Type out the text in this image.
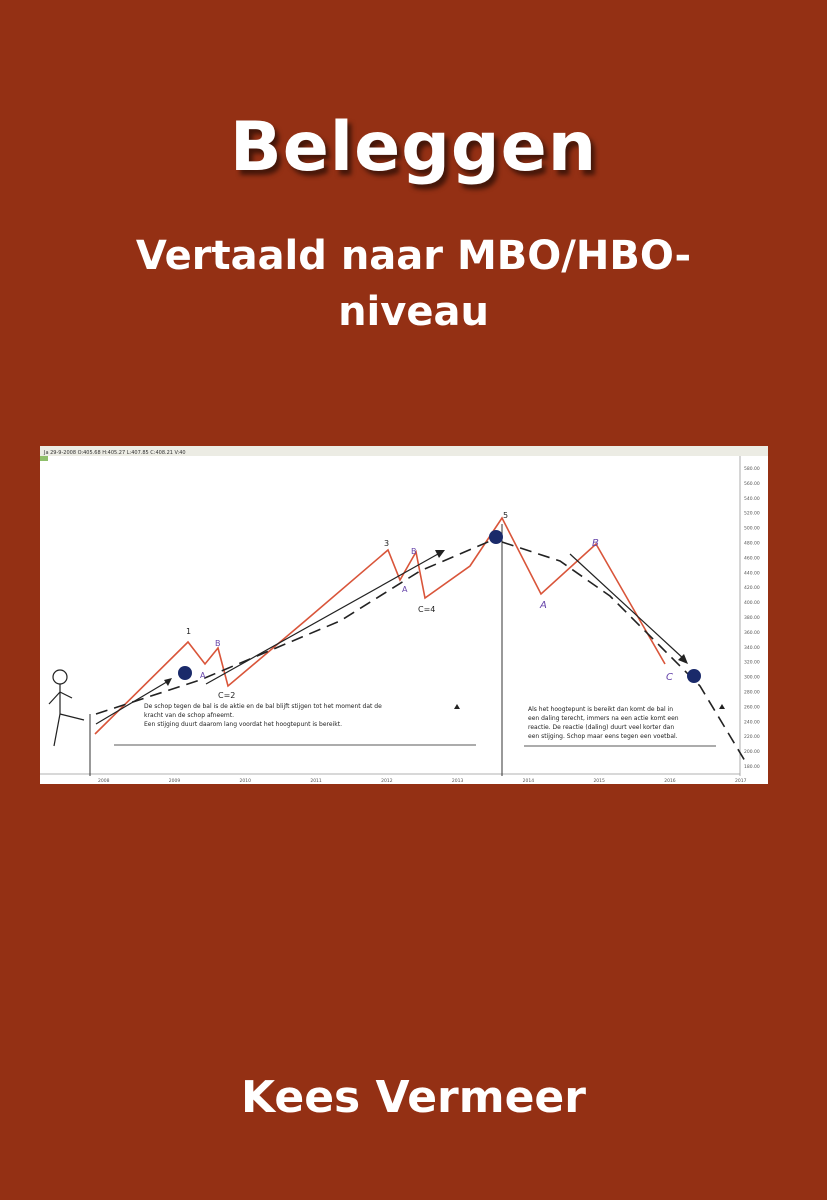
Beleggen
Vertaald naar MBO/HBO-
niveau
Ja 29-9-2008 O:405.68 H:405.27 L:407.85 C:408.21 V:40
580.00
560.00
540.00
520.00
500.00
480.00
460.00
440.00
420.00
400.00
380.00
360.00
340.00
320.00
300.00
280.00
260.00
240.00
220.00
200.00
180.00
2008	2009	2010	2011	2012	2013	2014	2015	2016	2017
1
B
A
C=2
3
B
A
C=4
5
A
B
C
De schop tegen de bal is de aktie en de bal blijft stijgen tot het moment dat de
kracht van de schop afneemt.
Een stijging duurt daarom lang voordat het hoogtepunt is bereikt.
Als het hoogtepunt is bereikt dan komt de bal in
een daling terecht, immers na een actie komt een
reactie. De reactie (daling) duurt veel korter dan
een stijging. Schop maar eens tegen een voetbal.
Kees Vermeer
